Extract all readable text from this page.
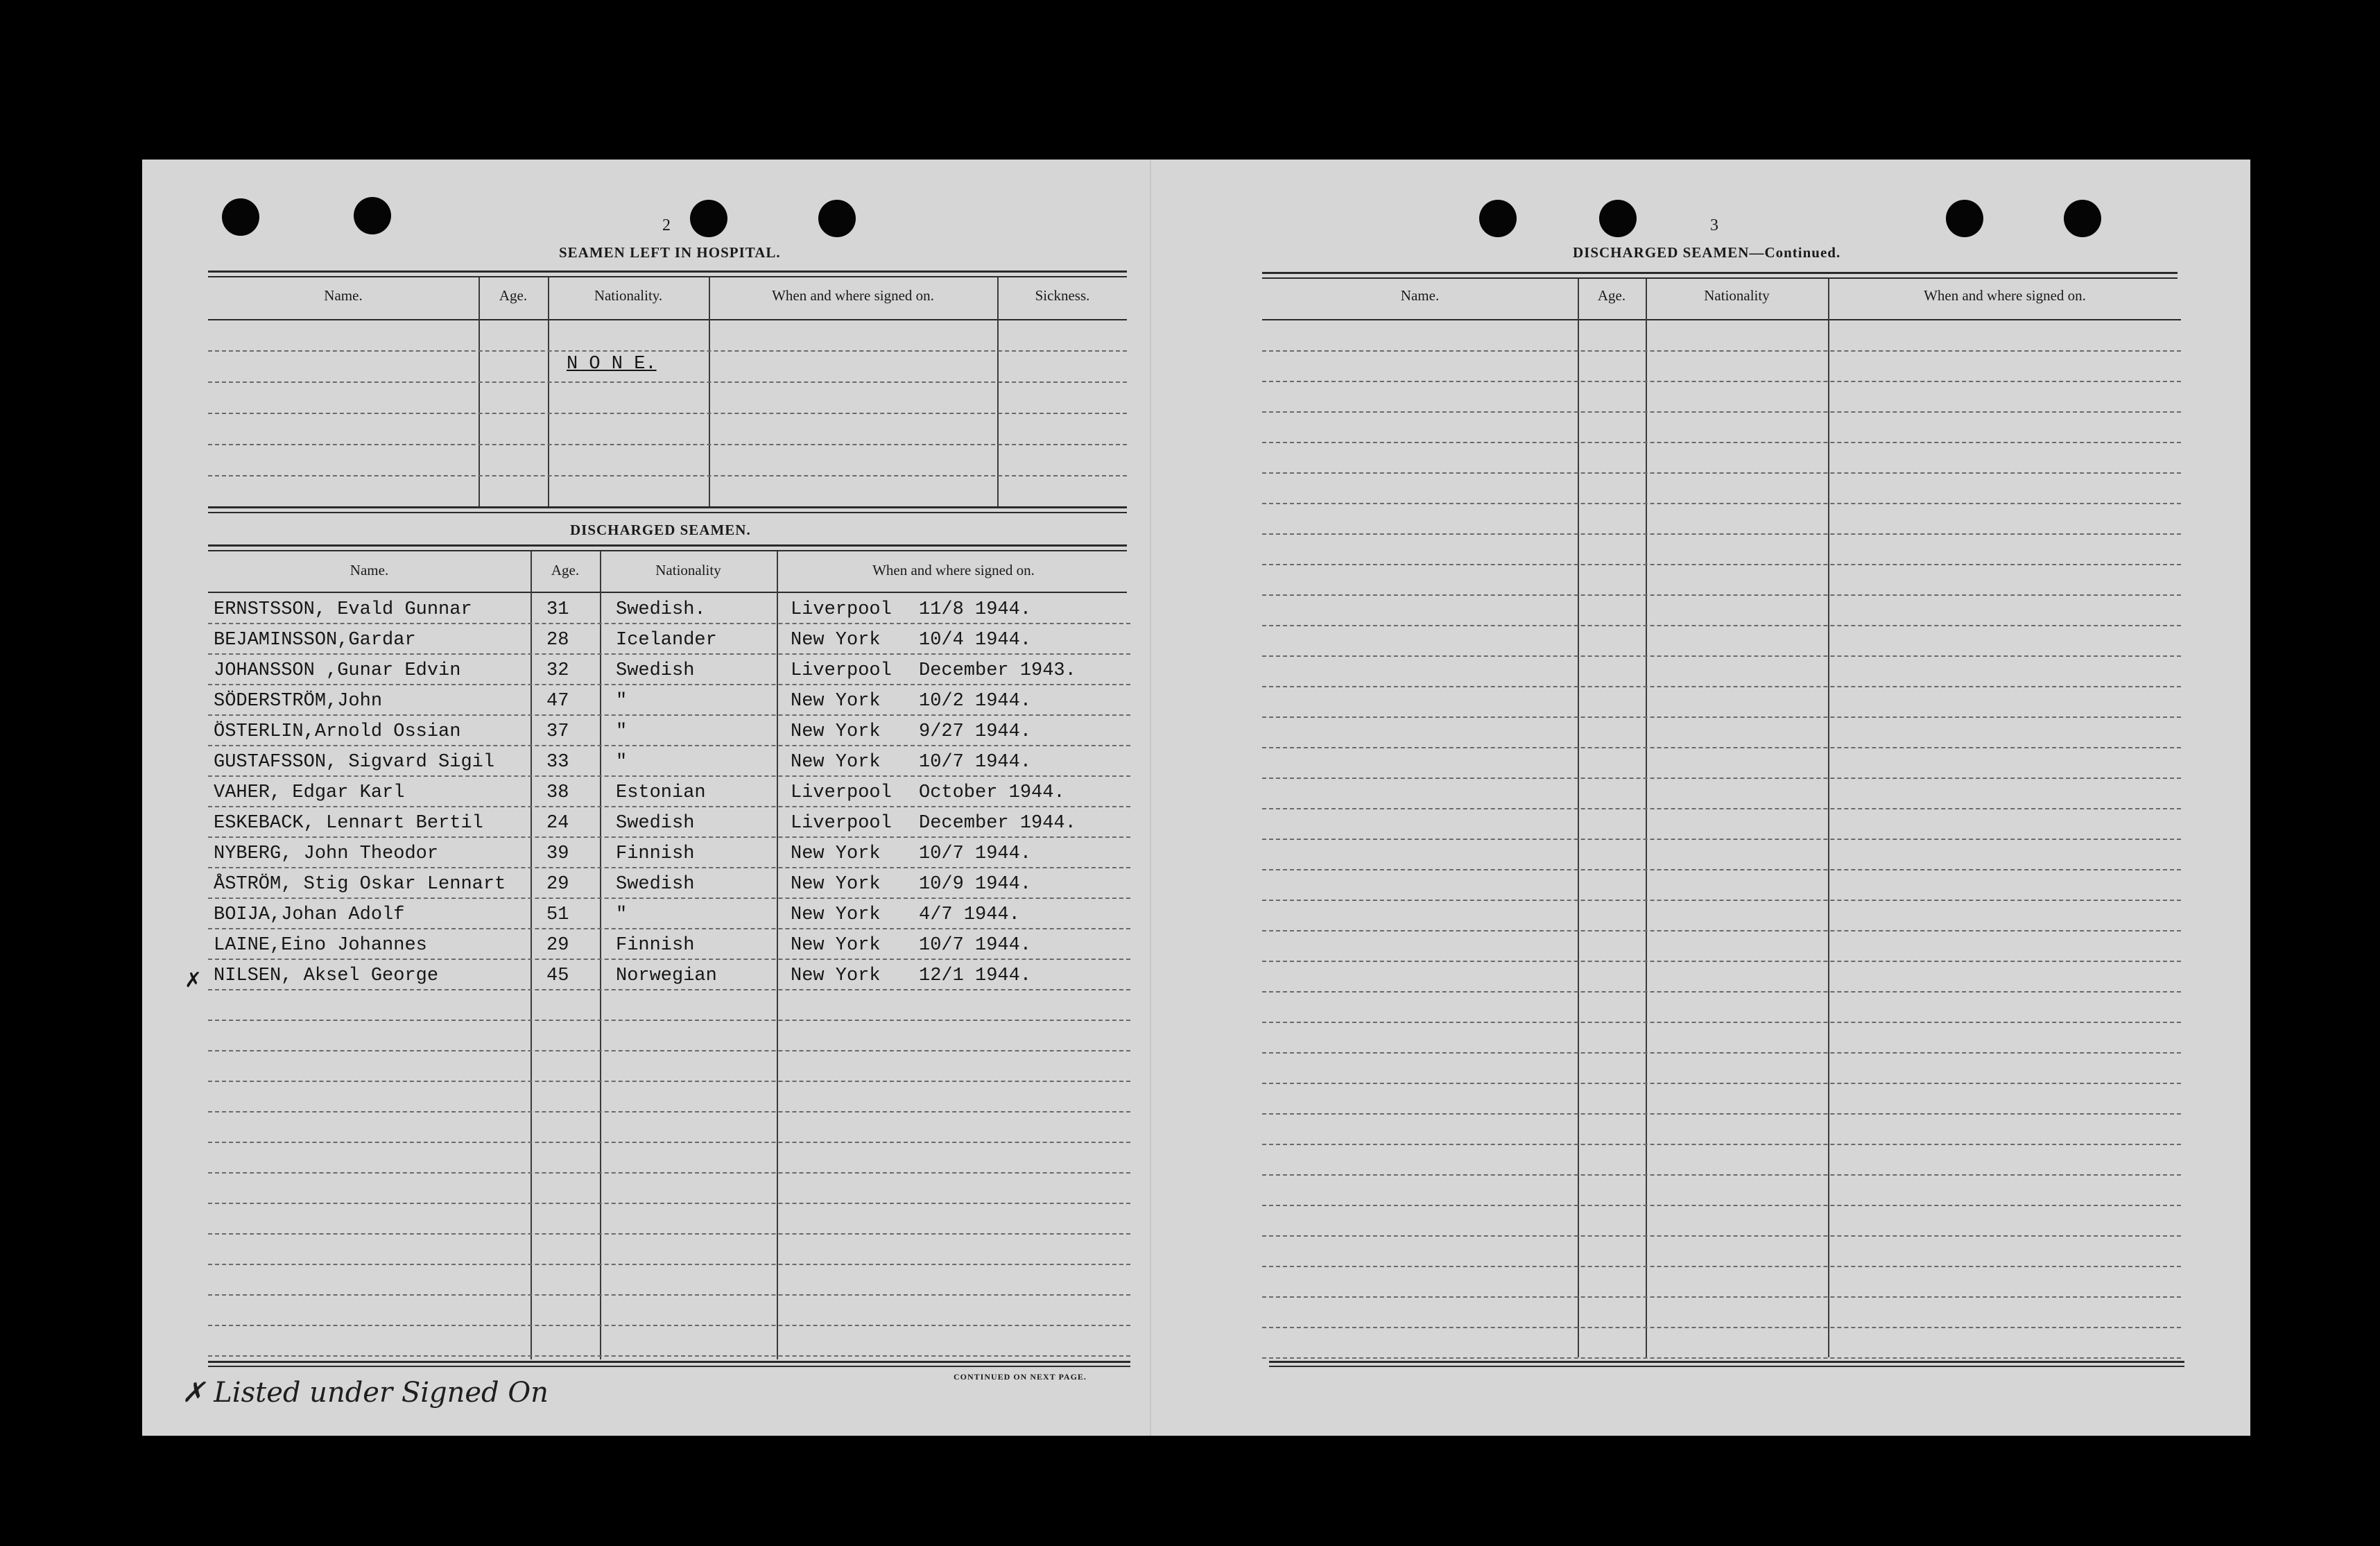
2
SEAMEN LEFT IN HOSPITAL.
Name.	Age.	Nationality.	When and where signed on.	Sickness.
N O N E.
DISCHARGED SEAMEN.
Name.	Age.	Nationality	When and where signed on.
ERNSTSSON, Evald Gunnar	31	Swedish.	Liverpool 11/8 1944.
BEJAMINSSON,Gardar	28	Icelander	New York 10/4 1944.
JOHANSSON ,Gunar Edvin	32	Swedish	Liverpool December 1943.
SÖDERSTRÖM,John	47	"	New York 10/2 1944.
ÖSTERLIN,Arnold Ossian	37	"	New York 9/27 1944.
GUSTAFSSON, Sigvard Sigil	33	"	New York 10/7 1944.
VAHER, Edgar Karl	38	Estonian	Liverpool October 1944.
ESKEBACK, Lennart Bertil	24	Swedish	Liverpool December 1944.
NYBERG, John Theodor	39	Finnish	New York 10/7 1944.
ÅSTRÖM, Stig Oskar Lennart 29	Swedish	New York 10/9 1944.
BOIJA,Johan Adolf	51	"	New York 4/7 1944.
LAINE,Eino Johannes	29	Finnish	New York 10/7 1944.
NILSEN, Aksel George	45	Norwegian	New York 12/1 1944.
✗
CONTINUED ON NEXT PAGE.
✗ Listed under Signed On
3
DISCHARGED SEAMEN—Continued.
Name.	Age.	Nationality	When and where signed on.
